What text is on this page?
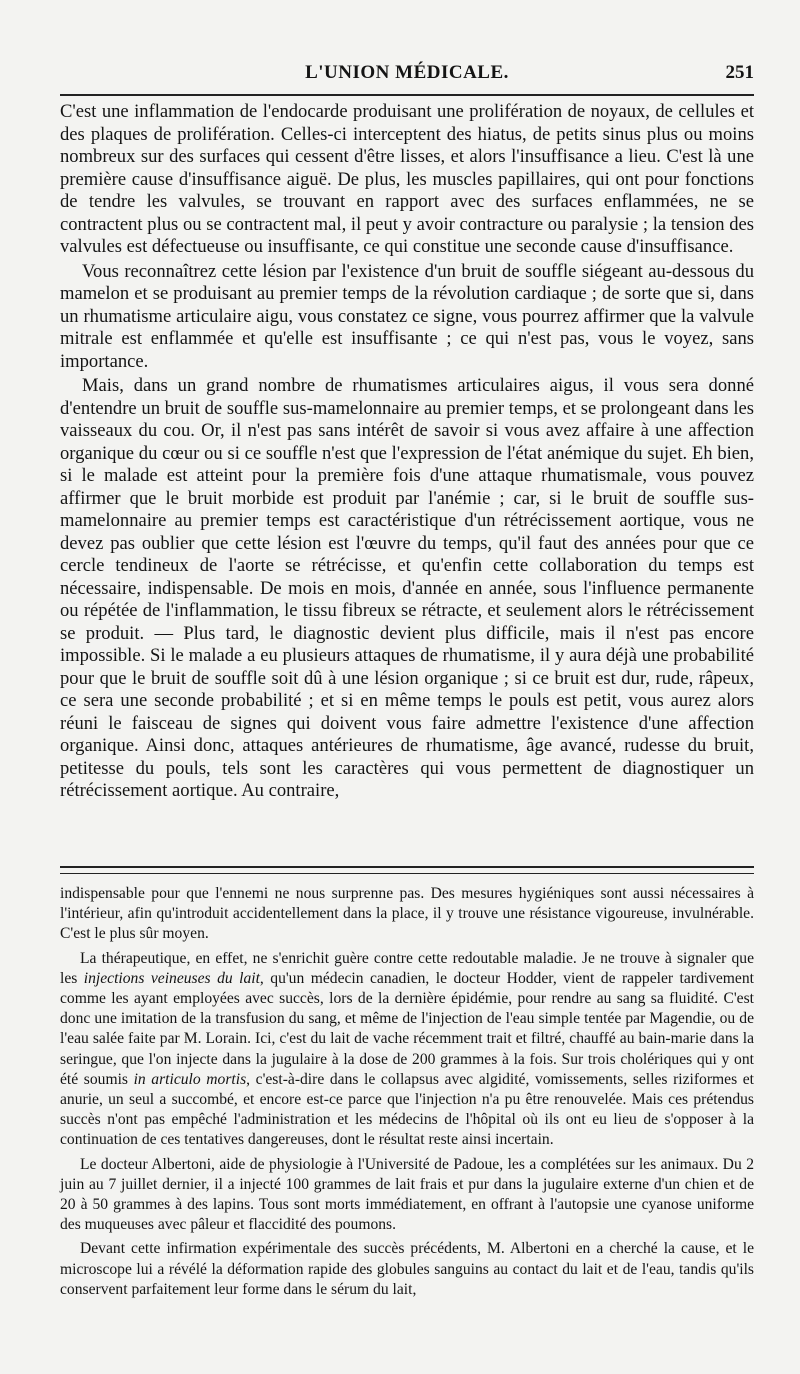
L'UNION MÉDICALE.	251

C'est une inflammation de l'endocarde produisant une prolifération de noyaux, de cellules et des plaques de prolifération. Celles-ci interceptent des hiatus, de petits sinus plus ou moins nombreux sur des surfaces qui cessent d'être lisses, et alors l'insuffisance a lieu. C'est là une première cause d'insuffisance aiguë. De plus, les muscles papillaires, qui ont pour fonctions de tendre les valvules, se trouvant en rapport avec des surfaces enflammées, ne se contractent plus ou se contractent mal, il peut y avoir contracture ou paralysie ; la tension des valvules est défectueuse ou insuffisante, ce qui constitue une seconde cause d'insuffisance.

Vous reconnaîtrez cette lésion par l'existence d'un bruit de souffle siégeant au-dessous du mamelon et se produisant au premier temps de la révolution cardiaque ; de sorte que si, dans un rhumatisme articulaire aigu, vous constatez ce signe, vous pourrez affirmer que la valvule mitrale est enflammée et qu'elle est insuffisante ; ce qui n'est pas, vous le voyez, sans importance.

Mais, dans un grand nombre de rhumatismes articulaires aigus, il vous sera donné d'entendre un bruit de souffle sus-mamelonnaire au premier temps, et se prolongeant dans les vaisseaux du cou. Or, il n'est pas sans intérêt de savoir si vous avez affaire à une affection organique du cœur ou si ce souffle n'est que l'expression de l'état anémique du sujet. Eh bien, si le malade est atteint pour la première fois d'une attaque rhumatismale, vous pouvez affirmer que le bruit morbide est produit par l'anémie ; car, si le bruit de souffle sus-mamelonnaire au premier temps est caractéristique d'un rétrécissement aortique, vous ne devez pas oublier que cette lésion est l'œuvre du temps, qu'il faut des années pour que ce cercle tendineux de l'aorte se rétrécisse, et qu'enfin cette collaboration du temps est nécessaire, indispensable. De mois en mois, d'année en année, sous l'influence permanente ou répétée de l'inflammation, le tissu fibreux se rétracte, et seulement alors le rétrécissement se produit. — Plus tard, le diagnostic devient plus difficile, mais il n'est pas encore impossible. Si le malade a eu plusieurs attaques de rhumatisme, il y aura déjà une probabilité pour que le bruit de souffle soit dû à une lésion organique ; si ce bruit est dur, rude, râpeux, ce sera une seconde probabilité ; et si en même temps le pouls est petit, vous aurez alors réuni le faisceau de signes qui doivent vous faire admettre l'existence d'une affection organique. Ainsi donc, attaques antérieures de rhumatisme, âge avancé, rudesse du bruit, petitesse du pouls, tels sont les caractères qui vous permettent de diagnostiquer un rétrécissement aortique. Au contraire,

indispensable pour que l'ennemi ne nous surprenne pas. Des mesures hygiéniques sont aussi nécessaires à l'intérieur, afin qu'introduit accidentellement dans la place, il y trouve une résistance vigoureuse, invulnérable. C'est le plus sûr moyen.

La thérapeutique, en effet, ne s'enrichit guère contre cette redoutable maladie. Je ne trouve à signaler que les injections veineuses du lait, qu'un médecin canadien, le docteur Hodder, vient de rappeler tardivement comme les ayant employées avec succès, lors de la dernière épidémie, pour rendre au sang sa fluidité. C'est donc une imitation de la transfusion du sang, et même de l'injection de l'eau simple tentée par Magendie, ou de l'eau salée faite par M. Lorain. Ici, c'est du lait de vache récemment trait et filtré, chauffé au bain-marie dans la seringue, que l'on injecte dans la jugulaire à la dose de 200 grammes à la fois. Sur trois cholériques qui y ont été soumis in articulo mortis, c'est-à-dire dans le collapsus avec algidité, vomissements, selles riziformes et anurie, un seul a succombé, et encore est-ce parce que l'injection n'a pu être renouvelée. Mais ces prétendus succès n'ont pas empêché l'administration et les médecins de l'hôpital où ils ont eu lieu de s'opposer à la continuation de ces tentatives dangereuses, dont le résultat reste ainsi incertain.

Le docteur Albertoni, aide de physiologie à l'Université de Padoue, les a complétées sur les animaux. Du 2 juin au 7 juillet dernier, il a injecté 100 grammes de lait frais et pur dans la jugulaire externe d'un chien et de 20 à 50 grammes à des lapins. Tous sont morts immédiatement, en offrant à l'autopsie une cyanose uniforme des muqueuses avec pâleur et flaccidité des poumons.

Devant cette infirmation expérimentale des succès précédents, M. Albertoni en a cherché la cause, et le microscope lui a révélé la déformation rapide des globules sanguins au contact du lait et de l'eau, tandis qu'ils conservent parfaitement leur forme dans le sérum du lait,
